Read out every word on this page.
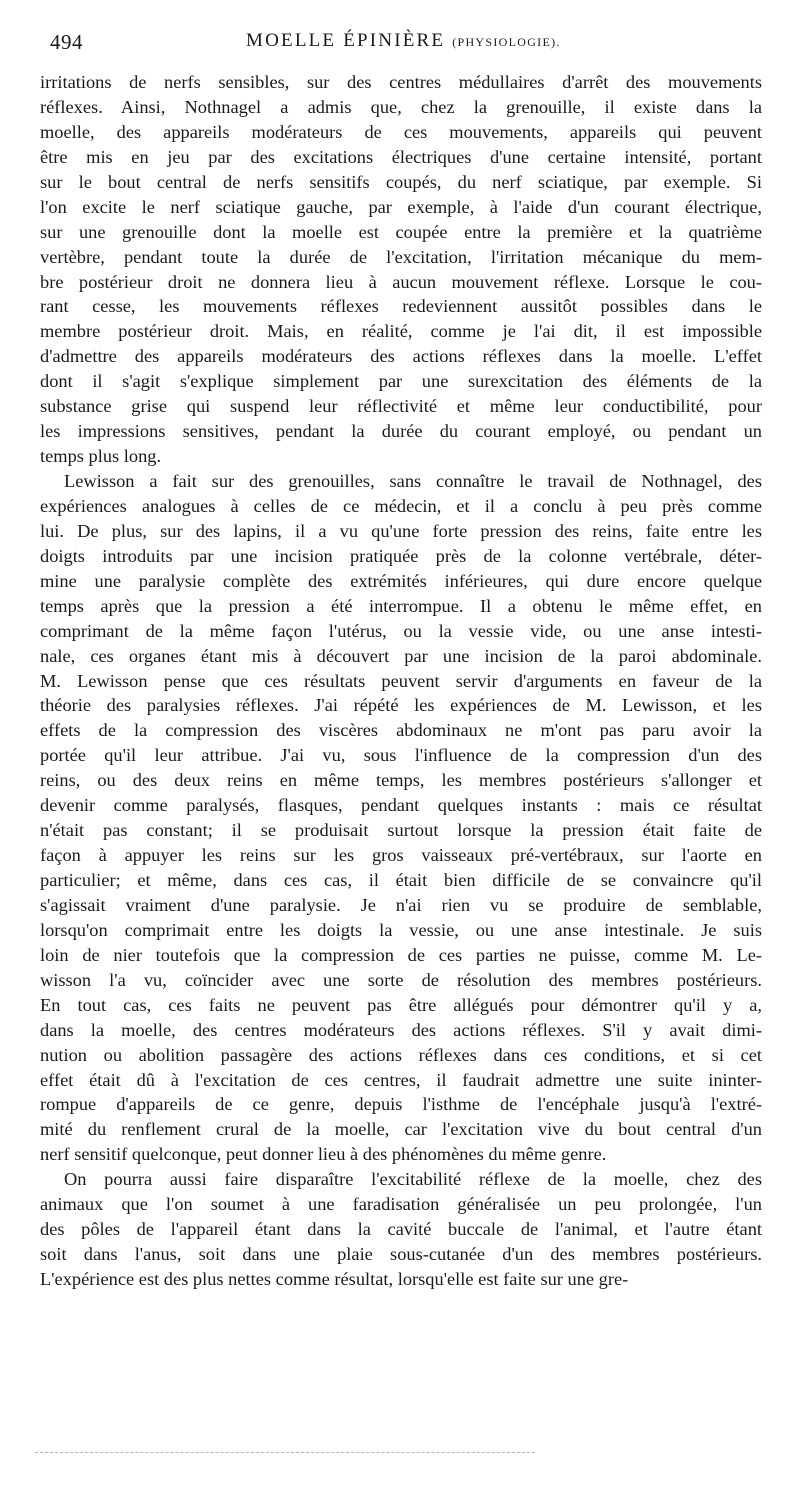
494	MOELLE ÉPINIÈRE (PHYSIOLOGIE).
irritations de nerfs sensibles, sur des centres médullaires d'arrêt des mouvements
réflexes. Ainsi, Nothnagel a admis que, chez la grenouille, il existe dans la
moelle, des appareils modérateurs de ces mouvements, appareils qui peuvent
être mis en jeu par des excitations électriques d'une certaine intensité, portant
sur le bout central de nerfs sensitifs coupés, du nerf sciatique, par exemple. Si
l'on excite le nerf sciatique gauche, par exemple, à l'aide d'un courant électrique,
sur une grenouille dont la moelle est coupée entre la première et la quatrième
vertèbre, pendant toute la durée de l'excitation, l'irritation mécanique du mem-
bre postérieur droit ne donnera lieu à aucun mouvement réflexe. Lorsque le cou-
rant cesse, les mouvements réflexes redeviennent aussitôt possibles dans le
membre postérieur droit. Mais, en réalité, comme je l'ai dit, il est impossible
d'admettre des appareils modérateurs des actions réflexes dans la moelle. L'effet
dont il s'agit s'explique simplement par une surexcitation des éléments de la
substance grise qui suspend leur réflectivité et même leur conductibilité, pour
les impressions sensitives, pendant la durée du courant employé, ou pendant un
temps plus long.
Lewisson a fait sur des grenouilles, sans connaître le travail de Nothnagel, des
expériences analogues à celles de ce médecin, et il a conclu à peu près comme
lui. De plus, sur des lapins, il a vu qu'une forte pression des reins, faite entre les
doigts introduits par une incision pratiquée près de la colonne vertébrale, déter-
mine une paralysie complète des extrémités inférieures, qui dure encore quelque
temps après que la pression a été interrompue. Il a obtenu le même effet, en
comprimant de la même façon l'utérus, ou la vessie vide, ou une anse intesti-
nale, ces organes étant mis à découvert par une incision de la paroi abdominale.
M. Lewisson pense que ces résultats peuvent servir d'arguments en faveur de la
théorie des paralysies réflexes. J'ai répété les expériences de M. Lewisson, et les
effets de la compression des viscères abdominaux ne m'ont pas paru avoir la
portée qu'il leur attribue. J'ai vu, sous l'influence de la compression d'un des
reins, ou des deux reins en même temps, les membres postérieurs s'allonger et
devenir comme paralysés, flasques, pendant quelques instants : mais ce résultat
n'était pas constant; il se produisait surtout lorsque la pression était faite de
façon à appuyer les reins sur les gros vaisseaux pré-vertébraux, sur l'aorte en
particulier; et même, dans ces cas, il était bien difficile de se convaincre qu'il
s'agissait vraiment d'une paralysie. Je n'ai rien vu se produire de semblable,
lorsqu'on comprimait entre les doigts la vessie, ou une anse intestinale. Je suis
loin de nier toutefois que la compression de ces parties ne puisse, comme M. Le-
wisson l'a vu, coïncider avec une sorte de résolution des membres postérieurs.
En tout cas, ces faits ne peuvent pas être allégués pour démontrer qu'il y a,
dans la moelle, des centres modérateurs des actions réflexes. S'il y avait dimi-
nution ou abolition passagère des actions réflexes dans ces conditions, et si cet
effet était dû à l'excitation de ces centres, il faudrait admettre une suite ininter-
rompue d'appareils de ce genre, depuis l'isthme de l'encéphale jusqu'à l'extré-
mité du renflement crural de la moelle, car l'excitation vive du bout central d'un
nerf sensitif quelconque, peut donner lieu à des phénomènes du même genre.
On pourra aussi faire disparaître l'excitabilité réflexe de la moelle, chez des
animaux que l'on soumet à une faradisation généralisée un peu prolongée, l'un
des pôles de l'appareil étant dans la cavité buccale de l'animal, et l'autre étant
soit dans l'anus, soit dans une plaie sous-cutanée d'un des membres postérieurs.
L'expérience est des plus nettes comme résultat, lorsqu'elle est faite sur une gre-
